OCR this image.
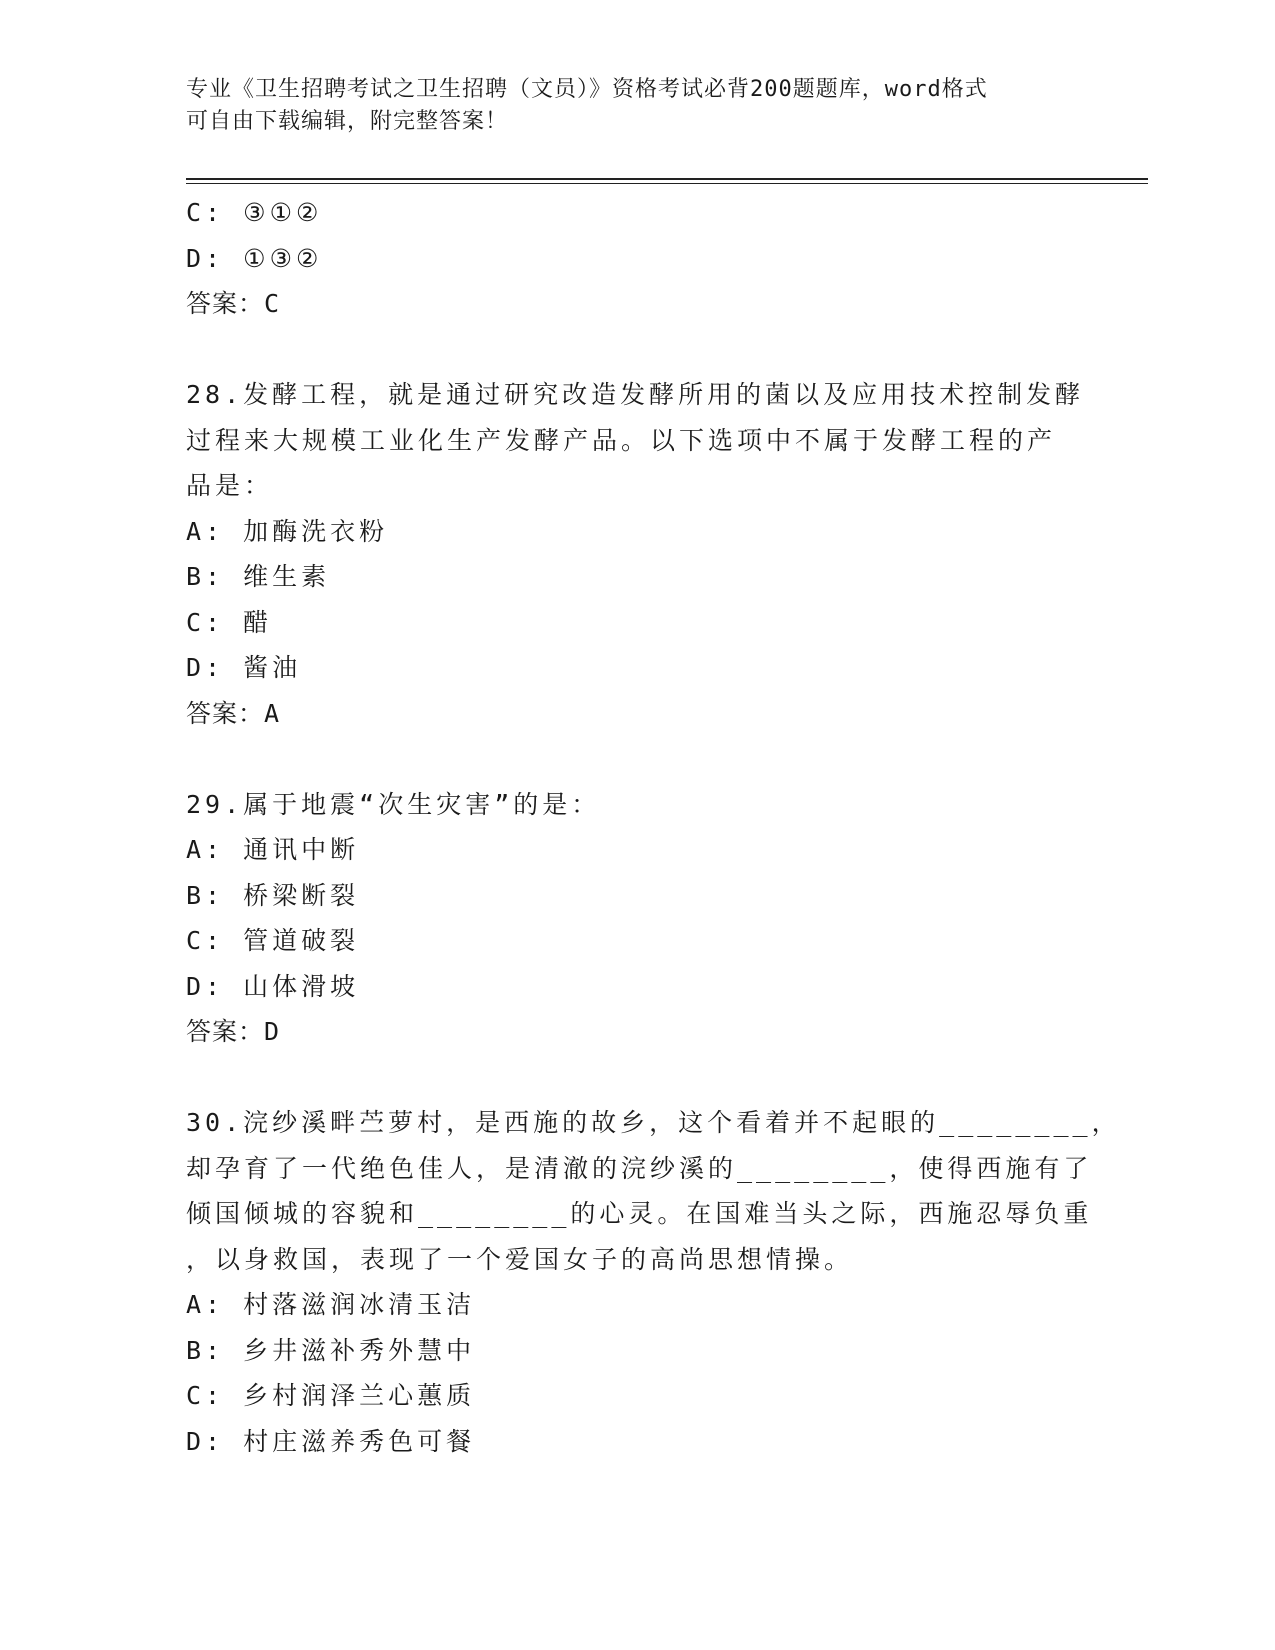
专业《卫生招聘考试之卫生招聘（文员）》资格考试必背200题题库，word格式
可自由下载编辑，附完整答案！
C: ③①②
D: ①③②
答案：C
28.发酵工程，就是通过研究改造发酵所用的菌以及应用技术控制发酵
过程来大规模工业化生产发酵产品。以下选项中不属于发酵工程的产
品是：
A: 加酶洗衣粉
B: 维生素
C: 醋
D: 酱油
答案：A
29.属于地震“次生灾害”的是：
A: 通讯中断
B: 桥梁断裂
C: 管道破裂
D: 山体滑坡
答案：D
30.浣纱溪畔苎萝村，是西施的故乡，这个看着并不起眼的________，
却孕育了一代绝色佳人，是清澈的浣纱溪的________，使得西施有了
倾国倾城的容貌和________的心灵。在国难当头之际，西施忍辱负重
，以身救国，表现了一个爱国女子的高尚思想情操。
A: 村落滋润冰清玉洁
B: 乡井滋补秀外慧中
C: 乡村润泽兰心蕙质
D: 村庄滋养秀色可餐
